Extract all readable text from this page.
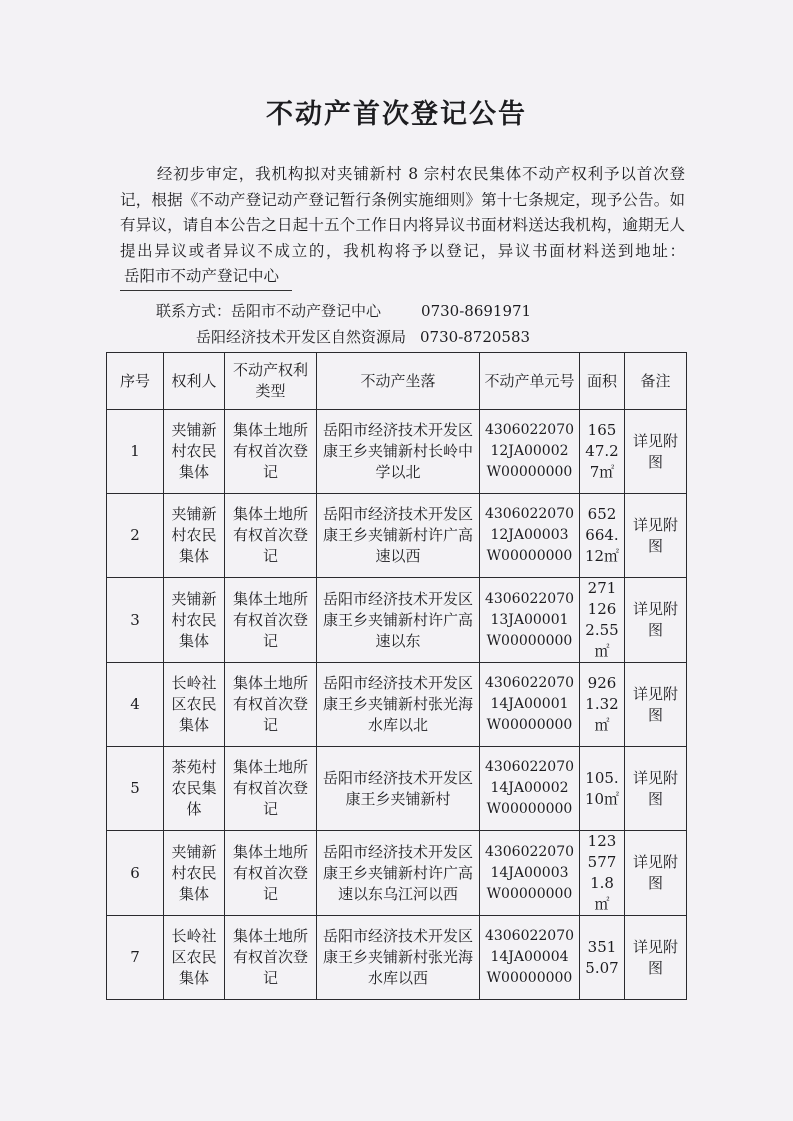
不动产首次登记公告
经初步审定，我机构拟对夹铺新村 8 宗村农民集体不动产权利予以首次登记，根据《不动产登记动产登记暂行条例实施细则》第十七条规定，现予公告。如有异议，请自本公告之日起十五个工作日内将异议书面材料送达我机构，逾期无人提出异议或者异议不成立的，我机构将予以登记，异议书面材料送到地址：岳阳市不动产登记中心
联系方式：岳阳市不动产登记中心	0730-8691971
岳阳经济技术开发区自然资源局 0730-8720583
序号	权利人	不动产权利类型	不动产坐落	不动产单元号	面积	备注
1	夹铺新村农民集体	集体土地所有权首次登记	岳阳市经济技术开发区康王乡夹铺新村长岭中学以北	430602207012JA00002W00000000	16547.27㎡	详见附图
2	夹铺新村农民集体	集体土地所有权首次登记	岳阳市经济技术开发区康王乡夹铺新村许广高速以西	430602207012JA00003W00000000	652664.12㎡	详见附图
3	夹铺新村农民集体	集体土地所有权首次登记	岳阳市经济技术开发区康王乡夹铺新村许广高速以东	430602207013JA00001W00000000	2711262.55㎡	详见附图
4	长岭社区农民集体	集体土地所有权首次登记	岳阳市经济技术开发区康王乡夹铺新村张光海水库以北	430602207014JA00001W00000000	9261.32㎡	详见附图
5	茶苑村农民集体	集体土地所有权首次登记	岳阳市经济技术开发区康王乡夹铺新村	430602207014JA00002W00000000	105.10㎡	详见附图
6	夹铺新村农民集体	集体土地所有权首次登记	岳阳市经济技术开发区康王乡夹铺新村许广高速以东乌江河以西	430602207014JA00003W00000000	1235771.8㎡	详见附图
7	长岭社区农民集体	集体土地所有权首次登记	岳阳市经济技术开发区康王乡夹铺新村张光海水库以西	430602207014JA00004W00000000	3515.07	详见附图
